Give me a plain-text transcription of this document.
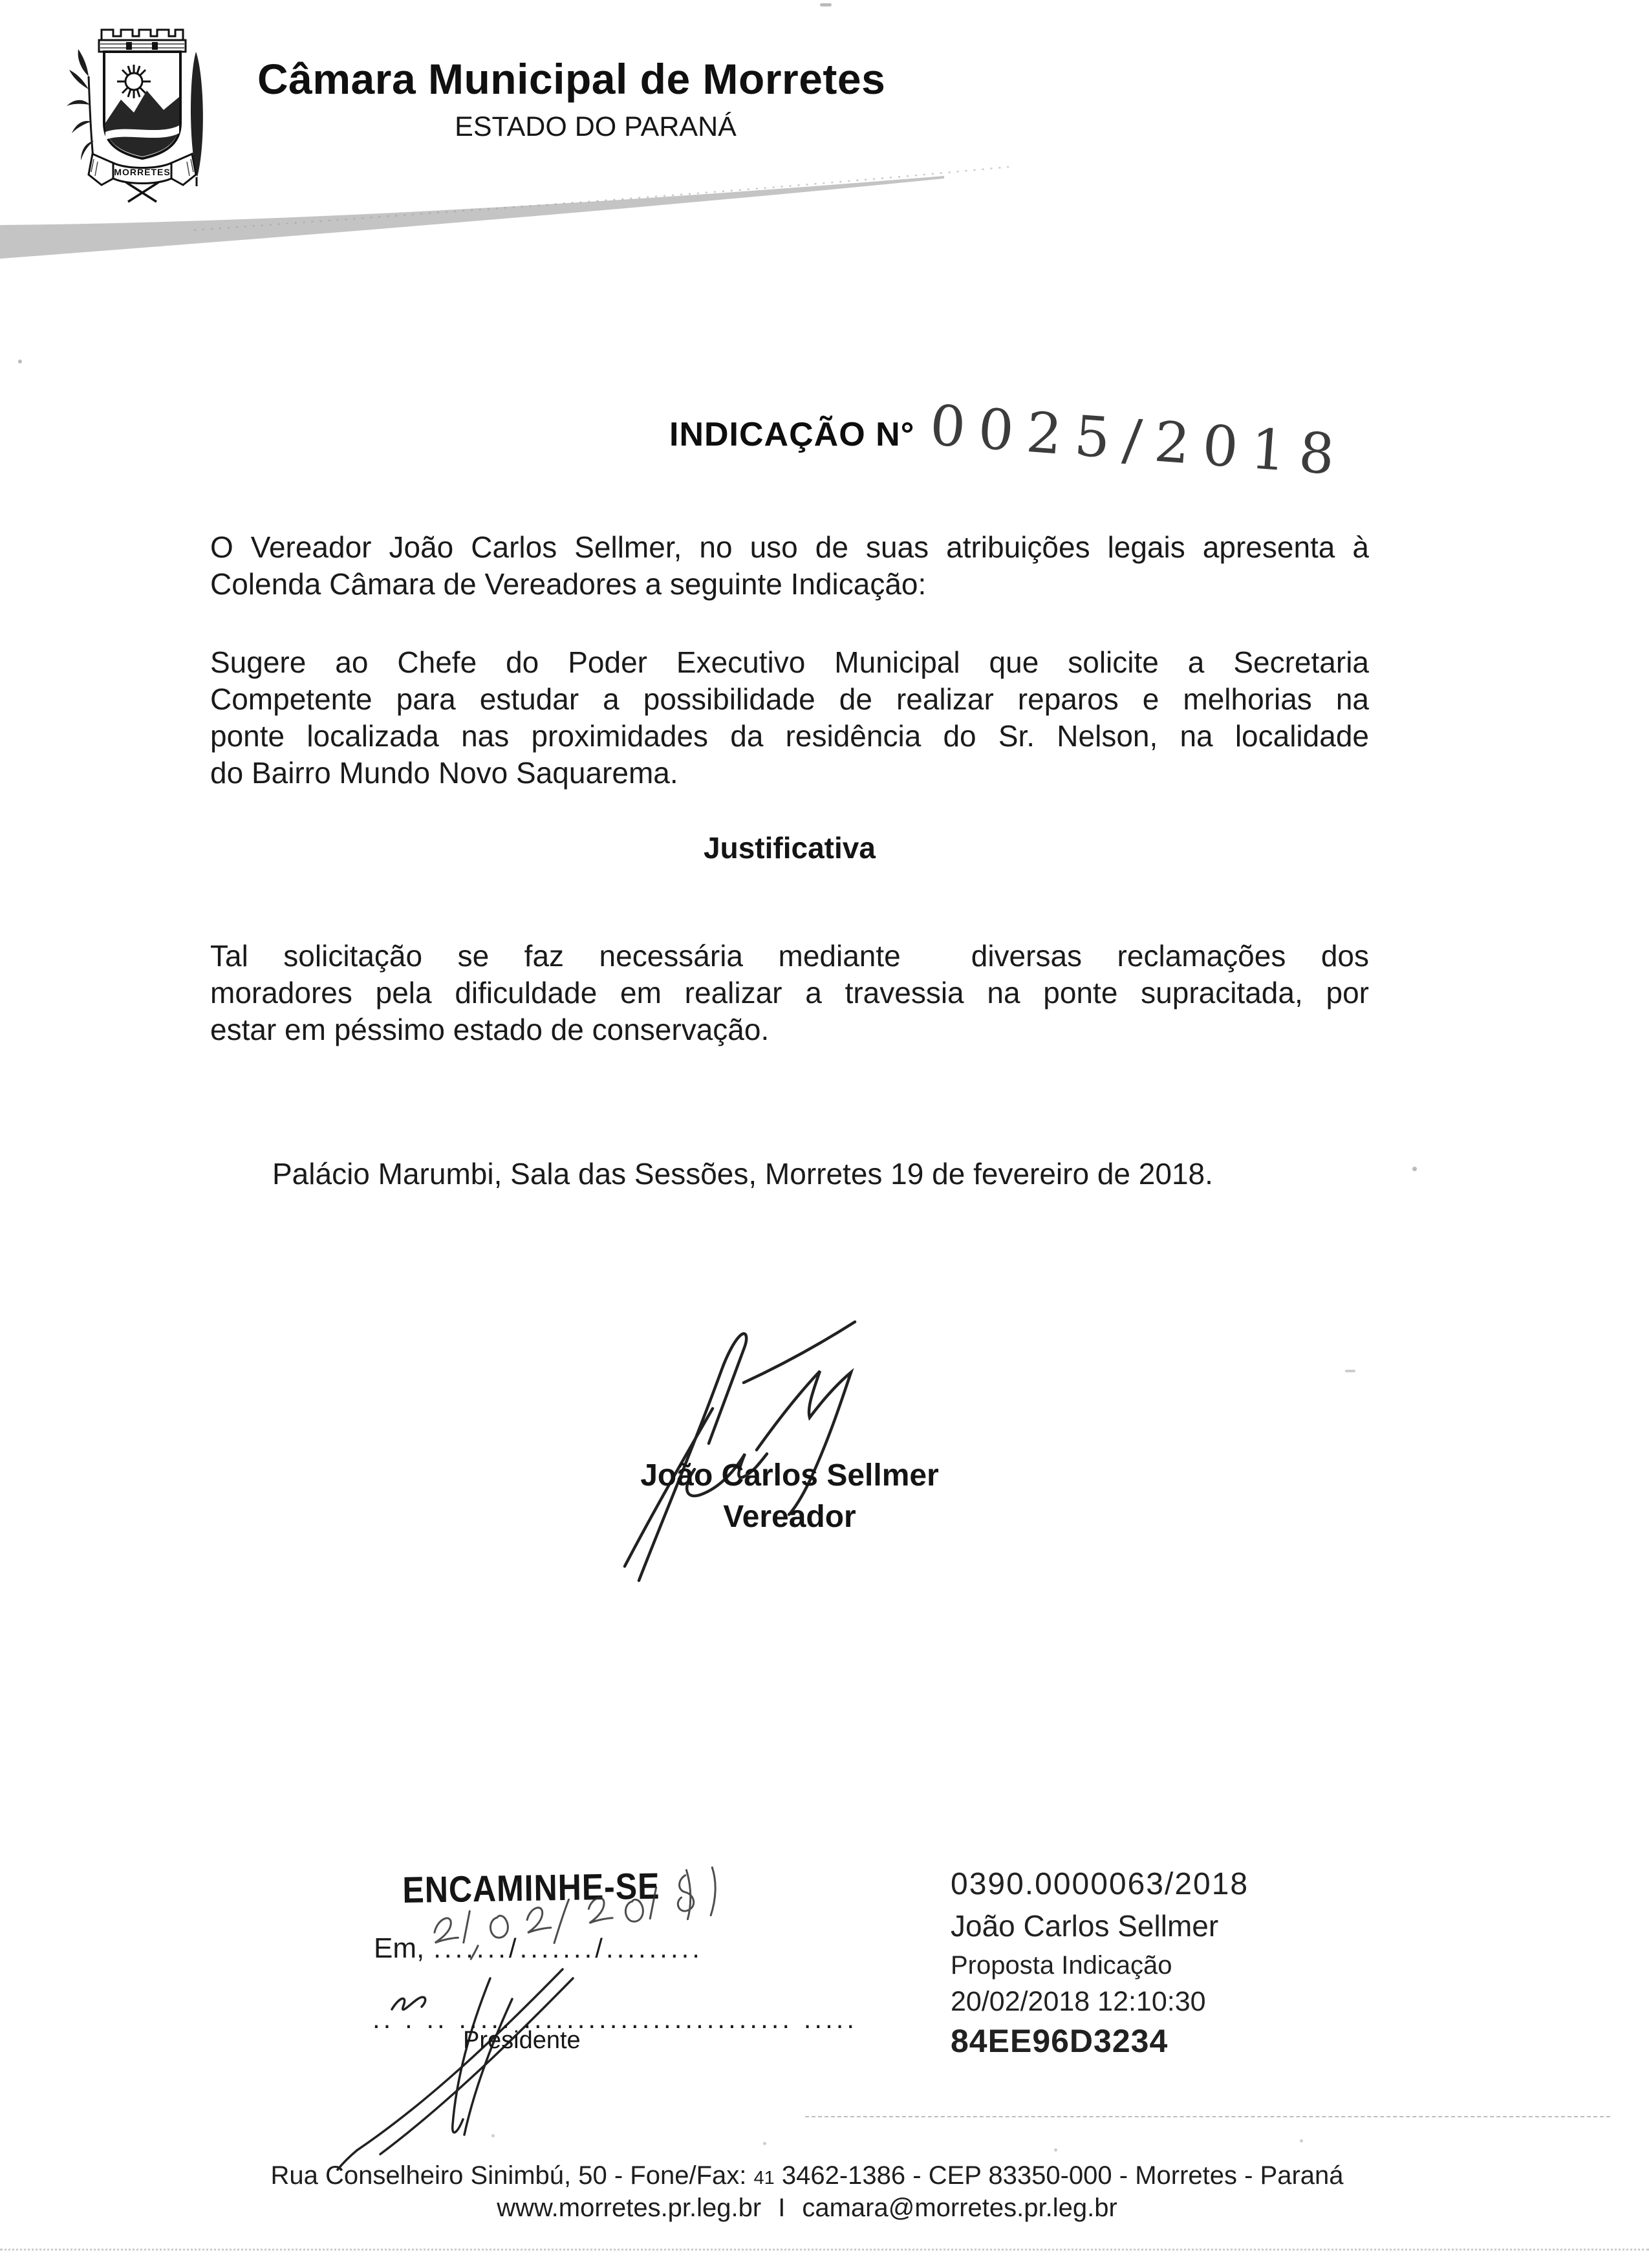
MORRETES
Câmara Municipal de Morretes
ESTADO DO PARANÁ
INDICAÇÃO N° 0025/2018
O Vereador João Carlos Sellmer, no uso de suas atribuições legais apresenta à
Colenda Câmara de Vereadores a seguinte Indicação:
Sugere ao Chefe do Poder Executivo Municipal que solicite a Secretaria
Competente para estudar a possibilidade de realizar reparos e melhorias na
ponte localizada nas proximidades da residência do Sr. Nelson, na localidade
do Bairro Mundo Novo Saquarema.
Justificativa
Tal solicitação se faz necessária mediante  diversas reclamações dos
moradores pela dificuldade em realizar a travessia na ponte supracitada, por
estar em péssimo estado de conservação.
Palácio Marumbi, Sala das Sessões, Morretes 19 de fevereiro de 2018.
João Carlos Sellmer
Vereador
ENCAMINHE-SE
Em, ......./......./.........
.. . .. ..... ......................... .....
Presidente
0390.0000063/2018
João Carlos Sellmer
Proposta Indicação
20/02/2018 12:10:30
84EE96D3234
Rua Conselheiro Sinimbú, 50 - Fone/Fax: 41 3462-1386 - CEP 83350-000 - Morretes - Paraná
www.morretes.pr.leg.br I camara@morretes.pr.leg.br
